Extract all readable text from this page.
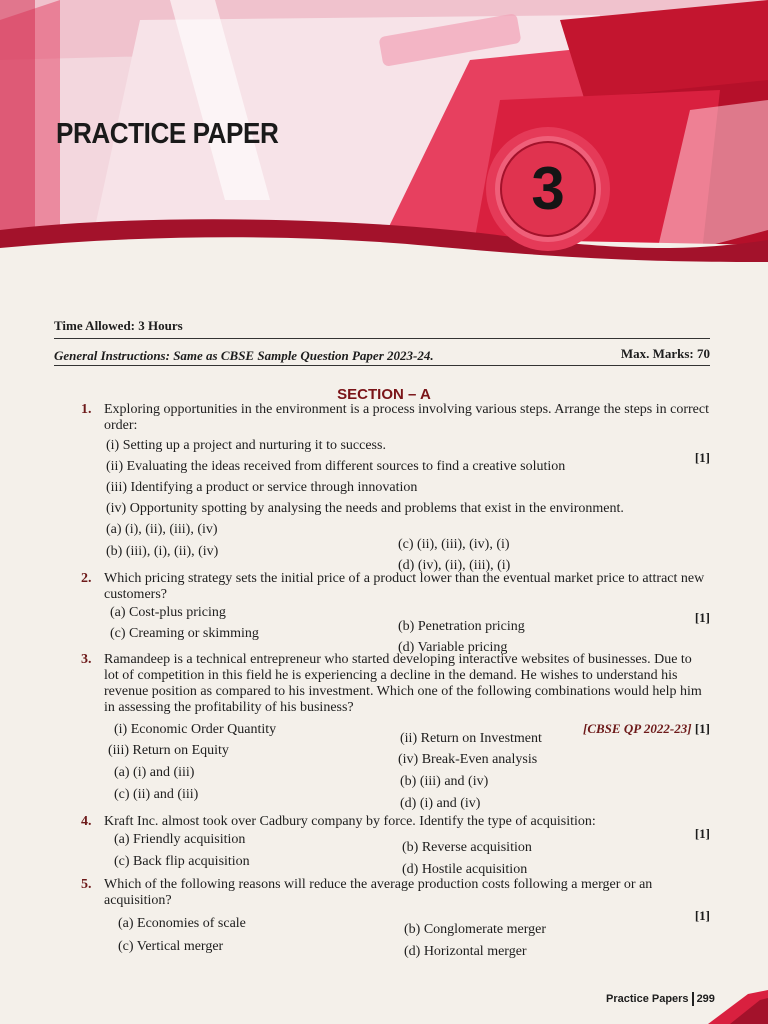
PRACTICE PAPER
3
Time Allowed: 3 Hours
Max. Marks: 70
General Instructions: Same as CBSE Sample Question Paper 2023-24.
SECTION – A
1. Exploring opportunities in the environment is a process involving various steps. Arrange the steps in correct order:
[1]
(i) Setting up a project and nurturing it to success.
(ii) Evaluating the ideas received from different sources to find a creative solution
(iii) Identifying a product or service through innovation
(iv) Opportunity spotting by analysing the needs and problems that exist in the environment.
(a) (i), (ii), (iii), (iv)
(c) (ii), (iii), (iv), (i)
(b) (iii), (i), (ii), (iv)
(d) (iv), (ii), (iii), (i)
2. Which pricing strategy sets the initial price of a product lower than the eventual market price to attract new customers?
[1]
(a) Cost-plus pricing
(b) Penetration pricing
(c) Creaming or skimming
(d) Variable pricing
3. Ramandeep is a technical entrepreneur who started developing interactive websites of businesses. Due to lot of competition in this field he is experiencing a decline in the demand. He wishes to understand his revenue position as compared to his investment. Which one of the following combinations would help him in assessing the profitability of his business?
[CBSE QP 2022-23] [1]
(i) Economic Order Quantity
(ii) Return on Investment
(iii) Return on Equity
(iv) Break-Even analysis
(a) (i) and (iii)
(b) (iii) and (iv)
(c) (ii) and (iii)
(d) (i) and (iv)
4. Kraft Inc. almost took over Cadbury company by force. Identify the type of acquisition:
[1]
(a) Friendly acquisition
(b) Reverse acquisition
(c) Back flip acquisition
(d) Hostile acquisition
5. Which of the following reasons will reduce the average production costs following a merger or an acquisition?
[1]
(a) Economies of scale	(b) Conglomerate merger
(c) Vertical merger	(d) Horizontal merger
Practice Papers 299
